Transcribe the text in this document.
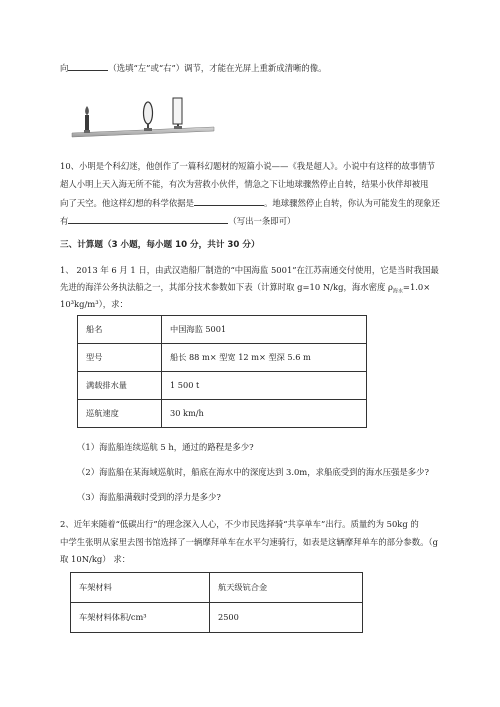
向	（选填“左”或“右”）调节，才能在光屏上重新成清晰的像。
10、小明是个科幻迷，他创作了一篇科幻题材的短篇小说——《我是超人》。小说中有这样的故事情节
超人小明上天入海无所不能，有次为营救小伙伴，情急之下让地球骤然停止自转，结果小伙伴却被甩
向了天空。他这样幻想的科学依据是	。地球骤然停止自转，你认为可能发生的现象还
有	（写出一条即可）
三、计算题（3 小题，每小题 10 分，共计 30 分）
1、 2013 年 6 月 1 日，由武汉造船厂制造的“中国海监 5001”在江苏南通交付使用，它是当时我国最
先进的海洋公务执法船之一，其部分技术参数如下表（计算时取 g=10 N/kg，海水密度 $\rho_{海水}=1.0\times$
10³kg/m³），求：
船名	中国海监 5001
型号	船长 88 m× 型宽 12 m× 型深 5.6 m
满载排水量	1 500 t
巡航速度	30 km/h
（1）海监船连续巡航 5 h，通过的路程是多少?
（2）海监船在某海域巡航时，船底在海水中的深度达到 3.0m，求船底受到的海水压强是多少?
（3）海监船满载时受到的浮力是多少?
2、近年来随着“低碳出行”的理念深入人心，不少市民选择骑“共享单车”出行。质量约为 50kg 的
中学生张明从家里去图书馆选择了一辆摩拜单车在水平匀速骑行，如表是这辆摩拜单车的部分参数。（g
取 10N/kg） 求：
车架材料	航天级钪合金
车架材料体积/cm³	2500
